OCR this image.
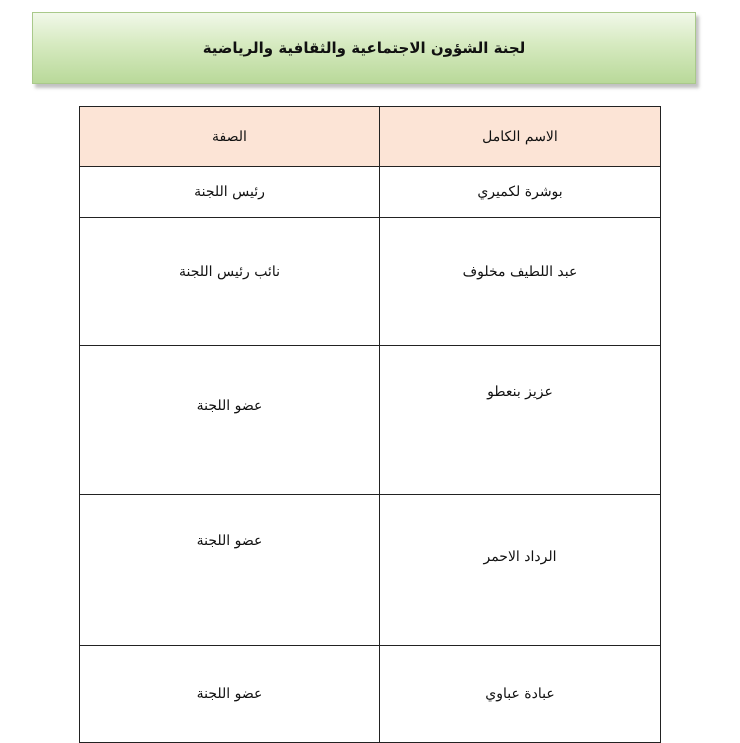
لجنة الشؤون الاجتماعية والثقافية والرياضية
الاسم الكامل	الصفة
بوشرة لكميري	رئيس اللجنة
عبد اللطيف مخلوف	نائب رئيس اللجنة
عزيز بنعطو	عضو اللجنة
الرداد الاحمر	عضو اللجنة
عبادة عباوي	عضو اللجنة
